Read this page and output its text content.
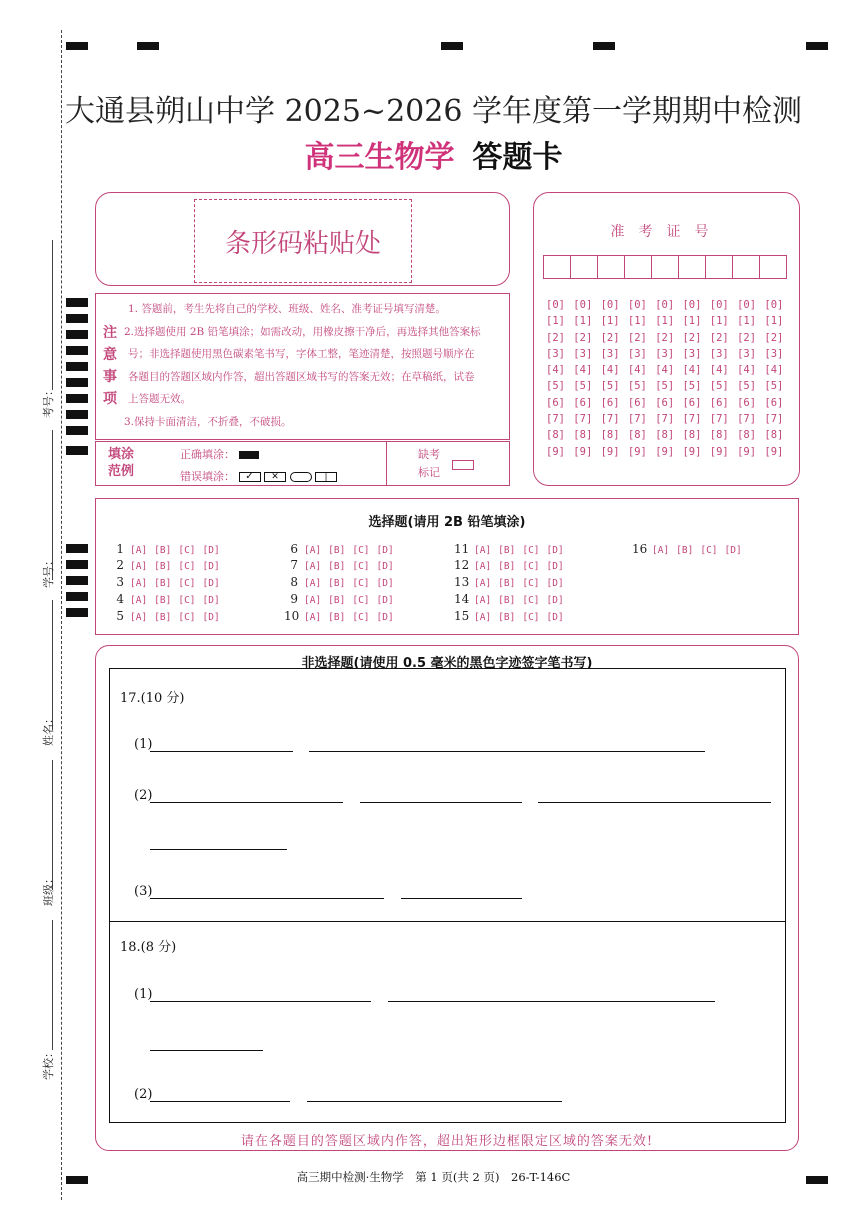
考号：
学号：
姓名：
班级：
学校：
大通县朔山中学 2025~2026 学年度第一学期期中检测
高三生物学 答题卡
条形码粘贴处	准考证号
[0] [0] [0] [0] [0] [0] [0] [0] [0]
[1] [1] [1] [1] [1] [1] [1] [1] [1]
[2] [2] [2] [2] [2] [2] [2] [2] [2]
[3] [3] [3] [3] [3] [3] [3] [3] [3]
[4] [4] [4] [4] [4] [4] [4] [4] [4]
[5] [5] [5] [5] [5] [5] [5] [5] [5]
[6] [6] [6] [6] [6] [6] [6] [6] [6]
[7] [7] [7] [7] [7] [7] [7] [7] [7]
[8] [8] [8] [8] [8] [8] [8] [8] [8]
[9] [9] [9] [9] [9] [9] [9] [9] [9]
注
意
事
项
1. 答题前，考生先将自己的学校、班级、姓名、准考证号填写清楚。
2.选择题使用 2B 铅笔填涂；如需改动，用橡皮擦干净后，再选择其他答案标
号；非选择题使用黑色碳素笔书写，字体工整，笔迹清楚，按照题号顺序在
各题目的答题区域内作答，超出答题区域书写的答案无效；在草稿纸，试卷
上答题无效。
3.保持卡面清洁，不折叠，不破损。
填涂
范例
正确填涂：
错误填涂： ✓ ✕	|
缺考
标记
选择题(请用 2B 铅笔填涂)
1 [A] [B] [C] [D]
2 [A] [B] [C] [D]
3 [A] [B] [C] [D]
4 [A] [B] [C] [D]
5 [A] [B] [C] [D]
6 [A] [B] [C] [D]
7 [A] [B] [C] [D]
8 [A] [B] [C] [D]
9 [A] [B] [C] [D]
10 [A] [B] [C] [D]
11 [A] [B] [C] [D]
12 [A] [B] [C] [D]
13 [A] [B] [C] [D]
14 [A] [B] [C] [D]
15 [A] [B] [C] [D]
16 [A] [B] [C] [D]
非选择题(请使用 0.5 毫米的黑色字迹签字笔书写)
17.(10 分)
(1)
(2)
(3)
18.(8 分)
(1)
(2)
请在各题目的答题区域内作答，超出矩形边框限定区域的答案无效!
高三期中检测·生物学　第 1 页(共 2 页)　26-T-146C
